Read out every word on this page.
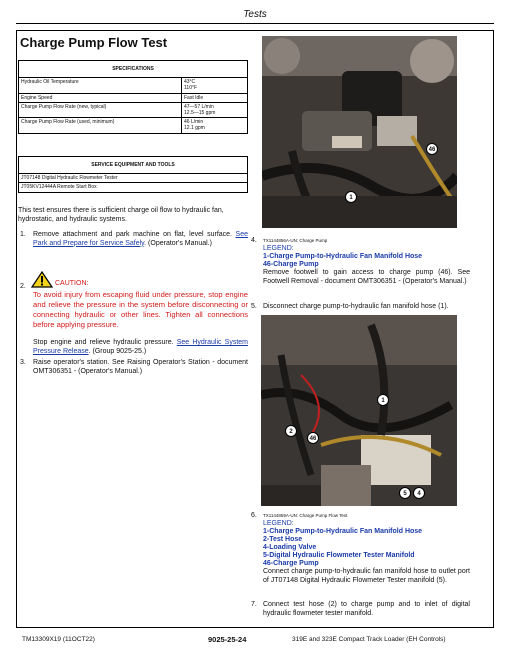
Tests
Charge Pump Flow Test
SPECIFICATIONS	
Hydraulic Oil Temperature	43°C
110°F
Engine Speed	Fast Idle
Charge Pump Flow Rate (new, typical)	47—57 L/min
12.5—15 gpm
Charge Pump Flow Rate (used, minimum)	46 L/min
12.1 gpm
SERVICE EQUIPMENT AND TOOLS
JT07148 Digital Hydraulic Flowmeter Tester
JT05KV12444A Remote Start Box
This test ensures there is sufficient charge oil flow to hydraulic fan, hydrostatic, and hydraulic systems.
1. Remove attachment and park machine on flat, level surface. See Park and Prepare for Service Safely. (Operator's Manual.)
2.	CAUTION:
To avoid injury from escaping fluid under pressure, stop engine and relieve the pressure in the system before disconnecting or connecting hydraulic or other lines. Tighten all connections before applying pressure.
Stop engine and relieve hydraulic pressure. See Hydraulic System Pressure Release. (Group 9025-25.)
3. Raise operator's station. See Raising Operator's Station - document OMT306351 - (Operator's Manual.)
46
1
4. TX1144856A-UN: Charge Pump
LEGEND:
1-Charge Pump-to-Hydraulic Fan Manifold Hose
46-Charge Pump
Remove footwell to gain access to charge pump (46). See Footwell Removal - document OMT306351 - (Operator's Manual.)
5. Disconnect charge pump-to-hydraulic fan manifold hose (1).
1
2
46
5	4
6. TX1144859A-UN: Charge Pump Flow Test
LEGEND:
1-Charge Pump-to-Hydraulic Fan Manifold Hose
2-Test Hose
4-Loading Valve
5-Digital Hydraulic Flowmeter Tester Manifold
46-Charge Pump
Connect charge pump-to-hydraulic fan manifold hose to outlet port of JT07148 Digital Hydraulic Flowmeter Tester manifold (5).
7. Connect test hose (2) to charge pump and to inlet of digital hydraulic flowmeter tester manifold.
TM13309X19 (11OCT22)	9025-25-24	319E and 323E Compact Track Loader (EH Controls)
